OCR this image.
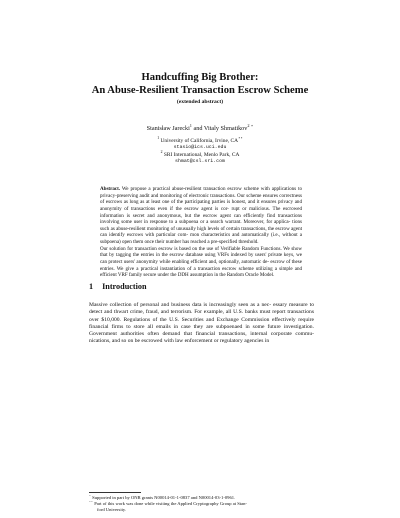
Handcuffing Big Brother:
An Abuse-Resilient Transaction Escrow Scheme
(extended abstract)
Stanisław Jarecki$^1$ and Vitaly Shmatikov$^{2 ⋆}$
$^1$ University of California, Irvine, CA⋆⋆
stasio@ics.uci.edu
$^2$ SRI International, Menlo Park, CA
shmat@csl.sri.com

Abstract. We propose a practical abuse-resilient transaction escrow scheme with applications to privacy-preserving audit and monitoring of electronic transactions. Our scheme ensures correctness of escrows as long as at least one of the participating parties is honest, and it ensures privacy and anonymity of transactions even if the escrow agent is cor- rupt or malicious. The escrowed information is secret and anonymous, but the escrow agent can efficiently find transactions involving some user in response to a subpoena or a search warrant. Moreover, for applica- tions such as abuse-resilient monitoring of unusually high levels of certain transactions, the escrow agent can identify escrows with particular com- mon characteristics and automatically (i.e., without a subpoena) open them once their number has reached a pre-specified threshold.

Our solution for transaction escrow is based on the use of Verifiable Random Functions. We show that by tagging the entries in the escrow database using VRFs indexed by users' private keys, we can protect users' anonymity while enabling efficient and, optionally, automatic de- escrow of these entries. We give a practical instantiation of a transaction escrow scheme utilizing a simple and efficient VRF family secure under the DDH assumption in the Random Oracle Model.

1 Introduction

Massive collection of personal and business data is increasingly seen as a nec- essary measure to detect and thwart crime, fraud, and terrorism. For example, all U.S. banks must report transactions over $10,000. Regulations of the U.S. Securities and Exchange Commission effectively require financial firms to store all emails in case they are subpoenaed in some future investigation. Government authorities often demand that financial transactions, internal corporate commu- nications, and so on be escrowed with law enforcement or regulatory agencies in

⋆ Supported in part by ONR grants N00014-01-1-0837 and N00014-03-1-0961.
⋆⋆ Part of this work was done while visiting the Applied Cryptography Group at Stan-
ford University.
